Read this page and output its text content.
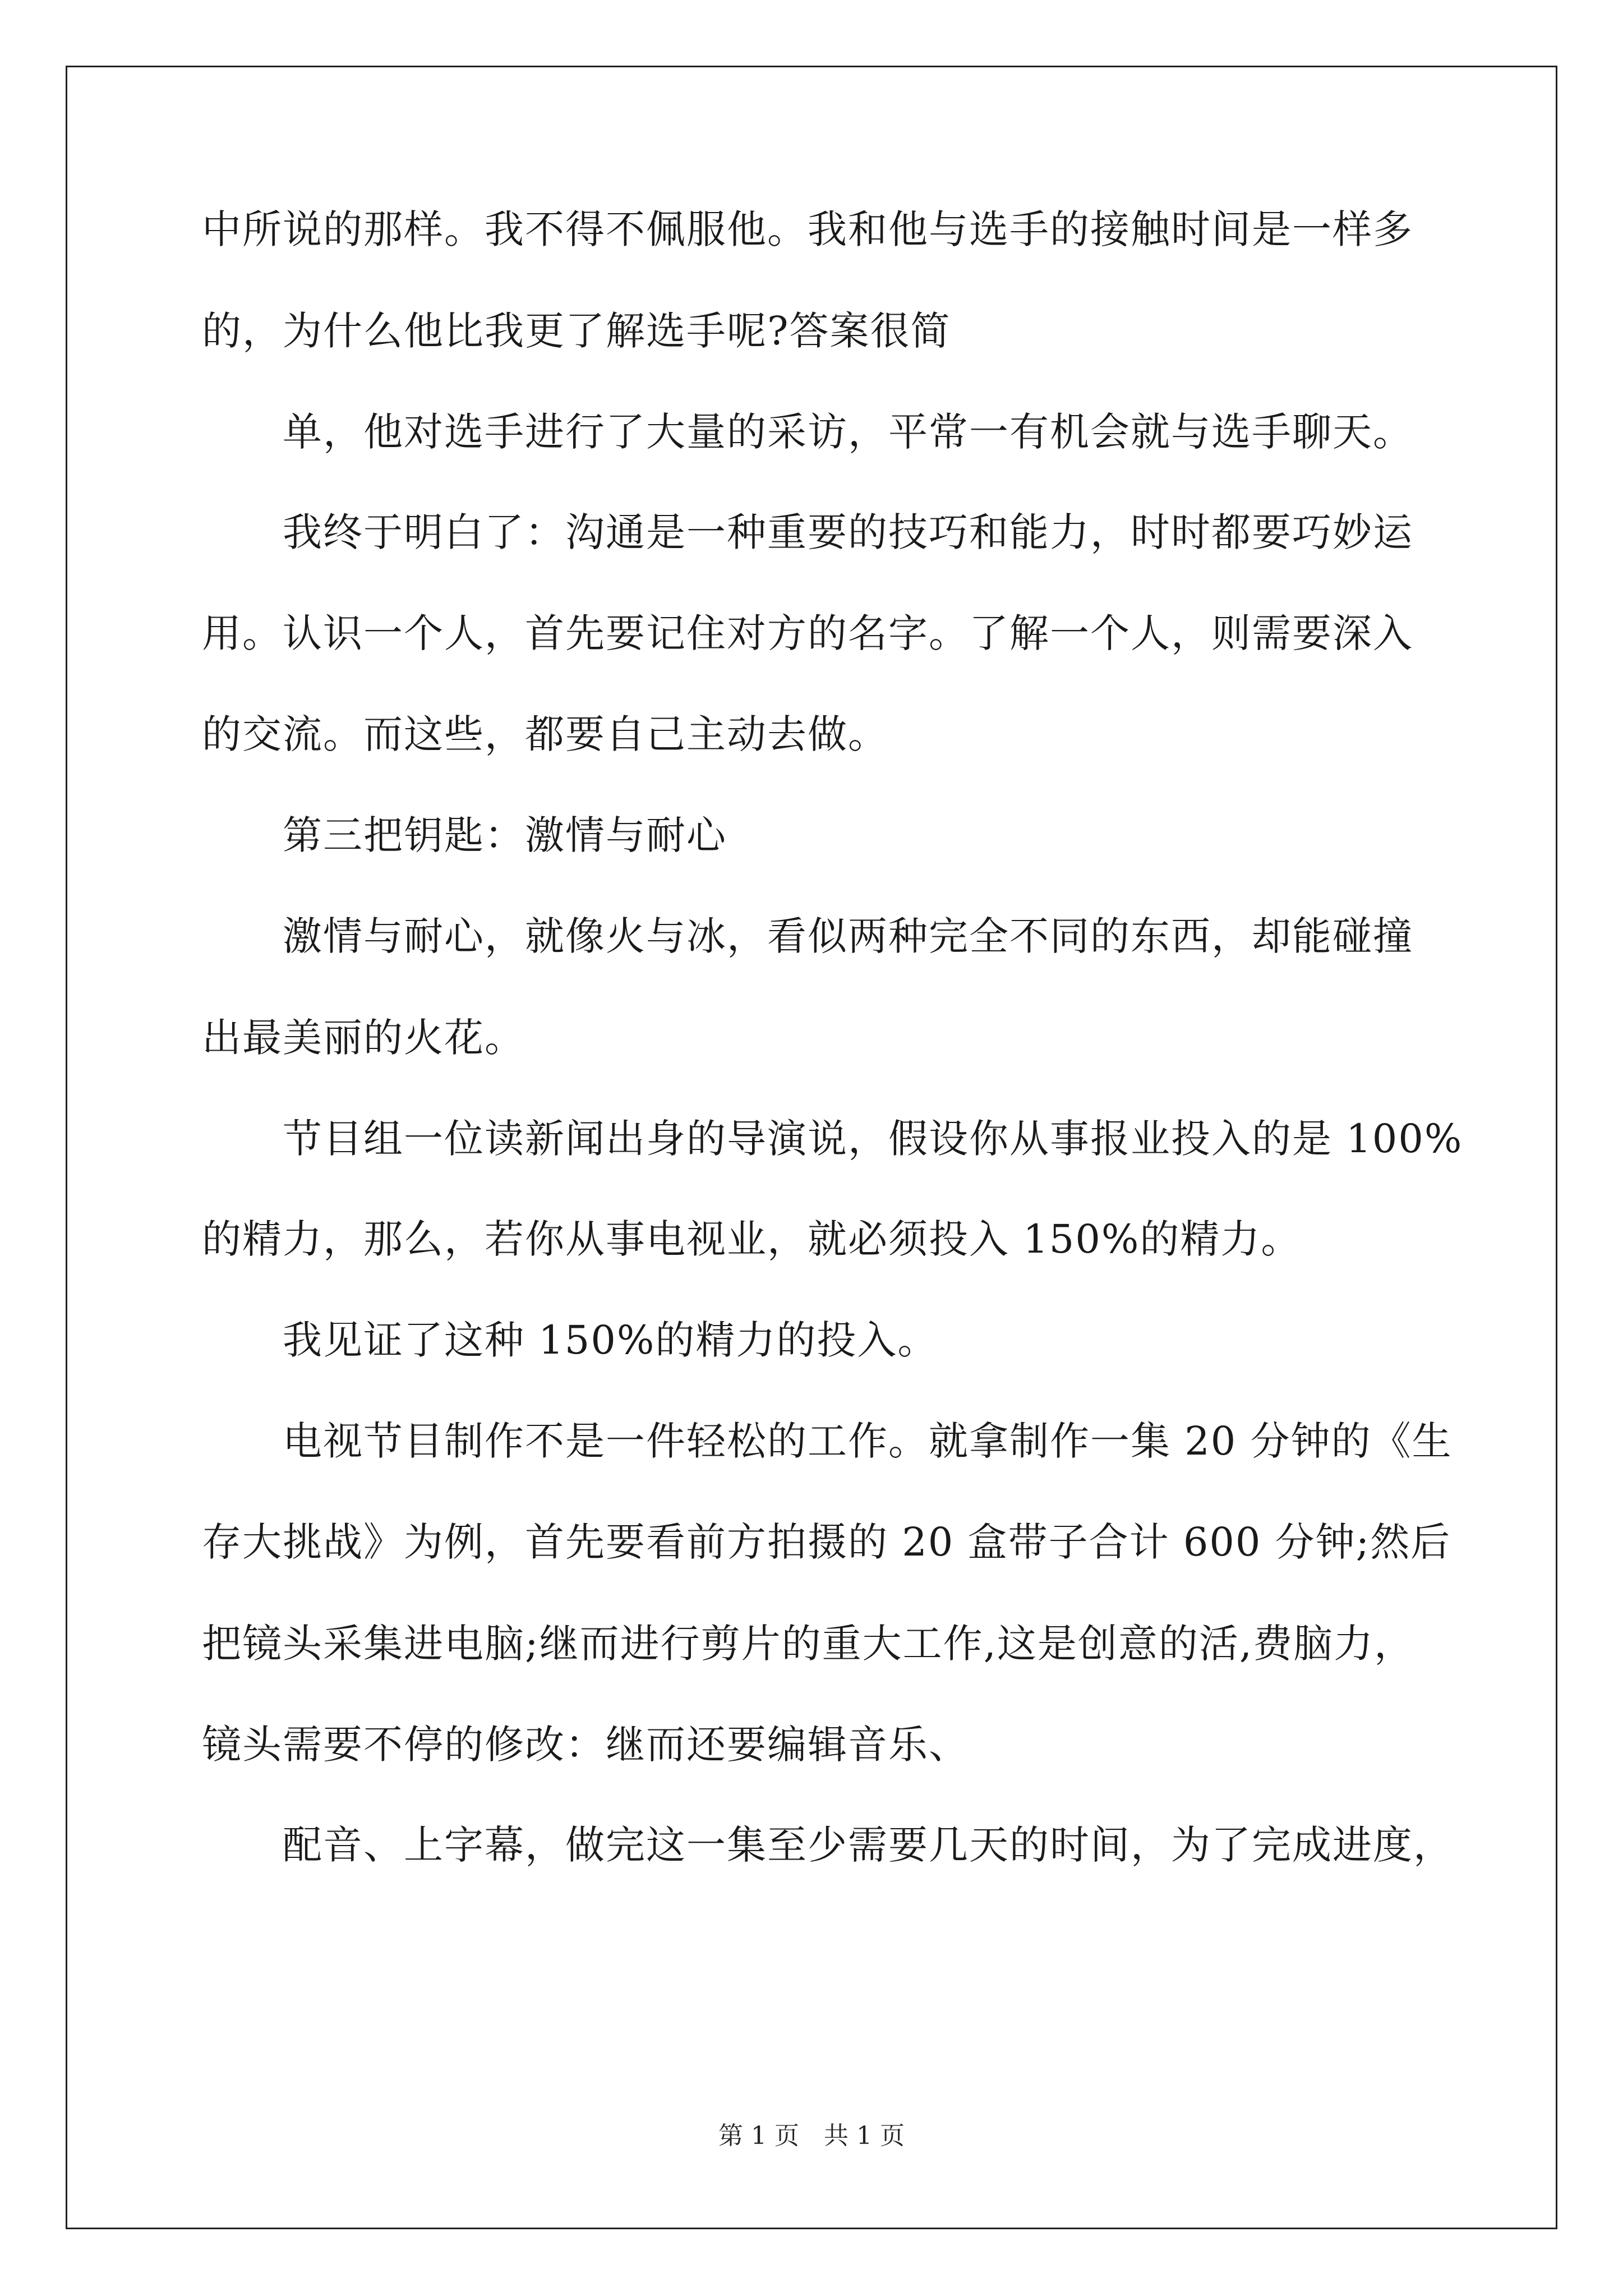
中所说的那样。我不得不佩服他。我和他与选手的接触时间是一样多
的，为什么他比我更了解选手呢?答案很简
　　单，他对选手进行了大量的采访，平常一有机会就与选手聊天。
　　我终于明白了：沟通是一种重要的技巧和能力，时时都要巧妙运
用。认识一个人，首先要记住对方的名字。了解一个人，则需要深入
的交流。而这些，都要自己主动去做。
　　第三把钥匙：激情与耐心
　　激情与耐心，就像火与冰，看似两种完全不同的东西，却能碰撞
出最美丽的火花。
　　节目组一位读新闻出身的导演说，假设你从事报业投入的是 100%
的精力，那么，若你从事电视业，就必须投入 150%的精力。
　　我见证了这种 150%的精力的投入。
　　电视节目制作不是一件轻松的工作。就拿制作一集 20 分钟的《生
存大挑战》为例，首先要看前方拍摄的 20 盒带子合计 600 分钟;然后
把镜头采集进电脑;继而进行剪片的重大工作,这是创意的活,费脑力，
镜头需要不停的修改：继而还要编辑音乐、
　　配音、上字幕，做完这一集至少需要几天的时间，为了完成进度，
第 1 页　共 1 页
